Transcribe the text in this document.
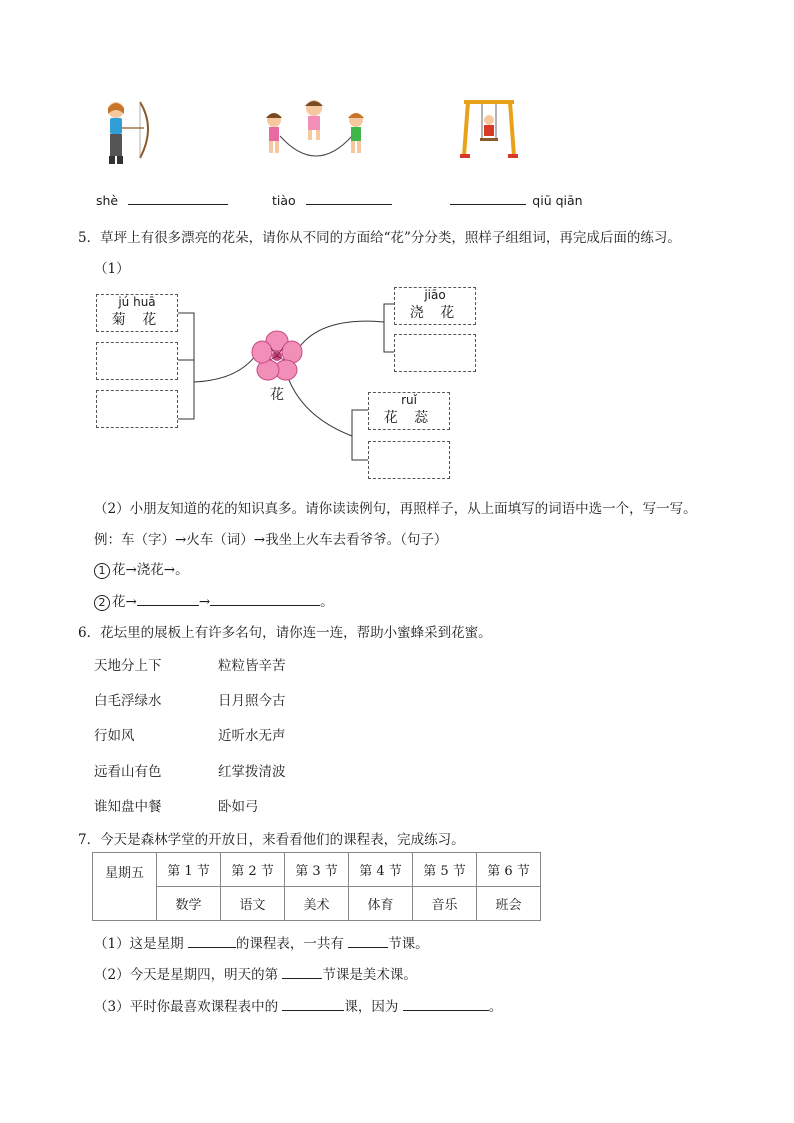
shè	tiào	qiū qiān
5．草坪上有很多漂亮的花朵，请你从不同的方面给“花”分分类，照样子组组词，再完成后面的练习。
（1）
花
jú huā
菊 花
jiāo
浇 花
ruǐ
花 蕊
（2）小朋友知道的花的知识真多。请你读读例句，再照样子，从上面填写的词语中选一个，写一写。
例：车（字）→火车（词）→我坐上火车去看爷爷。（句子）
1 花→浇花→。
2 花→	→	。
6．花坛里的展板上有许多名句，请你连一连，帮助小蜜蜂采到花蜜。
天地分上下
白毛浮绿水
行如风
远看山有色
谁知盘中餐
粒粒皆辛苦
日月照今古
近听水无声
红掌拨清波
卧如弓
7．今天是森林学堂的开放日，来看看他们的课程表，完成练习。
星期五	第 1 节	第 2 节	第 3 节	第 4 节	第 5 节	第 6 节
	数学	语文	美术	体育	音乐	班会
（1）这是星期	的课程表，一共有	节课。
（2）今天是星期四，明天的第	节课是美术课。
（3）平时你最喜欢课程表中的	课，因为	。
